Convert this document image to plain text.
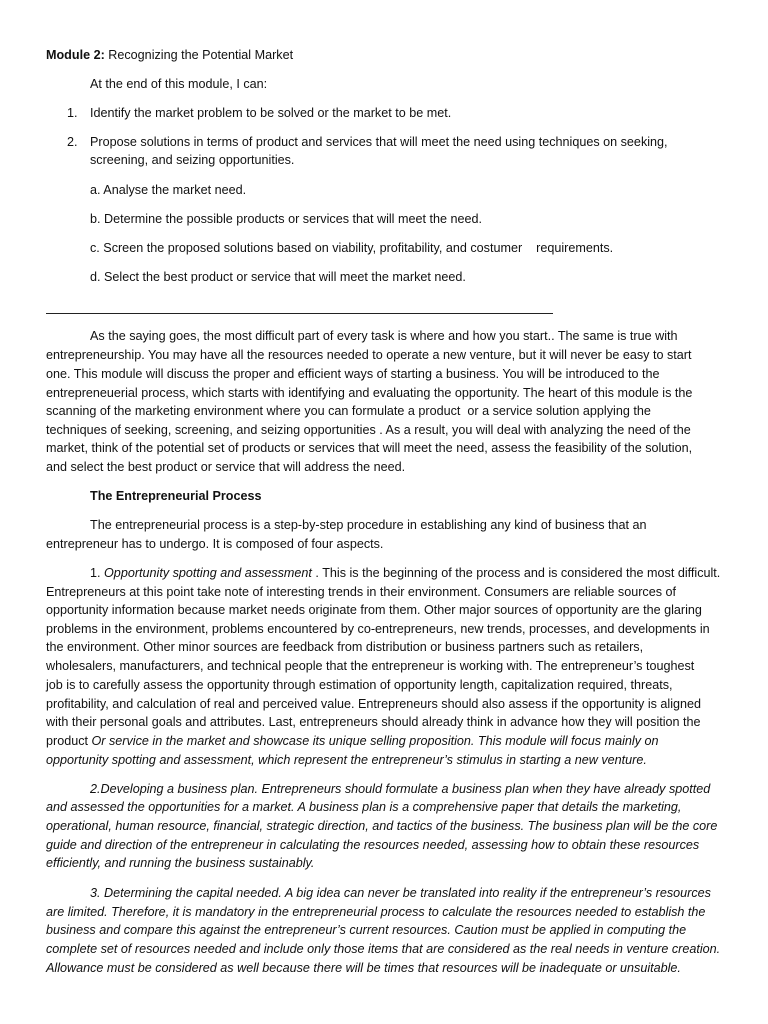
Module 2: Recognizing the Potential Market
At the end of this module, I can:
1. Identify the market problem to be solved or the market to be met.
2. Propose solutions in terms of product and services that will meet the need using techniques on seeking,
screening, and seizing opportunities.
a. Analyse the market need.
b. Determine the possible products or services that will meet the need.
c. Screen the proposed solutions based on viability, profitability, and costumer    requirements.
d. Select the best product or service that will meet the market need.
As the saying goes, the most difficult part of every task is where and how you start.. The same is true with
entrepreneurship. You may have all the resources needed to operate a new venture, but it will never be easy to start
one. This module will discuss the proper and efficient ways of starting a business. You will be introduced to the
entrepreneuerial process, which starts with identifying and evaluating the opportunity. The heart of this module is the
scanning of the marketing environment where you can formulate a product  or a service solution applying the
techniques of seeking, screening, and seizing opportunities . As a result, you will deal with analyzing the need of the
market, think of the potential set of products or services that will meet the need, assess the feasibility of the solution,
and select the best product or service that will address the need.
The Entrepreneurial Process
The entrepreneurial process is a step-by-step procedure in establishing any kind of business that an
entrepreneur has to undergo. It is composed of four aspects.
1. Opportunity spotting and assessment . This is the beginning of the process and is considered the most difficult.
Entrepreneurs at this point take note of interesting trends in their environment. Consumers are reliable sources of
opportunity information because market needs originate from them. Other major sources of opportunity are the glaring
problems in the environment, problems encountered by co-entrepreneurs, new trends, processes, and developments in
the environment. Other minor sources are feedback from distribution or business partners such as retailers,
wholesalers, manufacturers, and technical people that the entrepreneur is working with. The entrepreneur’s toughest
job is to carefully assess the opportunity through estimation of opportunity length, capitalization required, threats,
profitability, and calculation of real and perceived value. Entrepreneurs should also assess if the opportunity is aligned
with their personal goals and attributes. Last, entrepreneurs should already think in advance how they will position the
product Or service in the market and showcase its unique selling proposition. This module will focus mainly on
opportunity spotting and assessment, which represent the entrepreneur’s stimulus in starting a new venture.
2.Developing a business plan. Entrepreneurs should formulate a business plan when they have already spotted
and assessed the opportunities for a market. A business plan is a comprehensive paper that details the marketing,
operational, human resource, financial, strategic direction, and tactics of the business. The business plan will be the core
guide and direction of the entrepreneur in calculating the resources needed, assessing how to obtain these resources
efficiently, and running the business sustainably.
3. Determining the capital needed. A big idea can never be translated into reality if the entrepreneur’s resources
are limited. Therefore, it is mandatory in the entrepreneurial process to calculate the resources needed to establish the
business and compare this against the entrepreneur’s current resources. Caution must be applied in computing the
complete set of resources needed and include only those items that are considered as the real needs in venture creation.
Allowance must be considered as well because there will be times that resources will be inadequate or unsuitable.
